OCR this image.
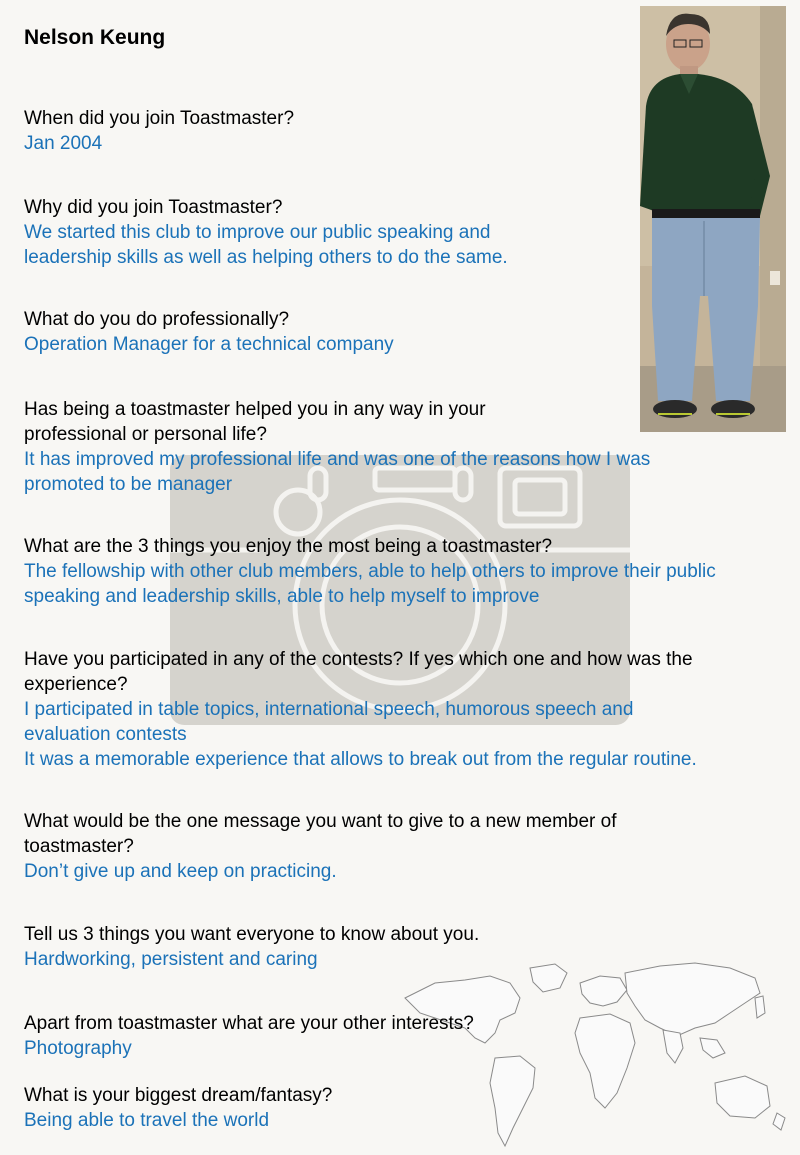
Nelson Keung
When did you join Toastmaster?
Jan 2004
Why did you join Toastmaster?
We started this club to improve our public speaking and
leadership skills as well as helping others to do the same.
What do you do professionally?
Operation Manager for a technical company
Has being a toastmaster helped you in any way in your
professional or personal life?
It has improved my professional life and was one of the reasons how I was
promoted to be manager
What are the 3 things you enjoy the most being a toastmaster?
The fellowship with other club members, able to help others to improve their public
speaking and leadership skills, able to help myself to improve
Have you participated in any of the contests? If yes which one and how was the
experience?
I participated in table topics, international speech, humorous speech and
evaluation contests
It was a memorable experience that allows to break out from the regular routine.
What would be the one message you want to give to a new member of
toastmaster?
Don’t give up and keep on practicing.
Tell us 3 things you want everyone to know about you.
Hardworking, persistent and caring
Apart from toastmaster what are your other interests?
Photography
What is your biggest dream/fantasy?
Being able to travel the world
